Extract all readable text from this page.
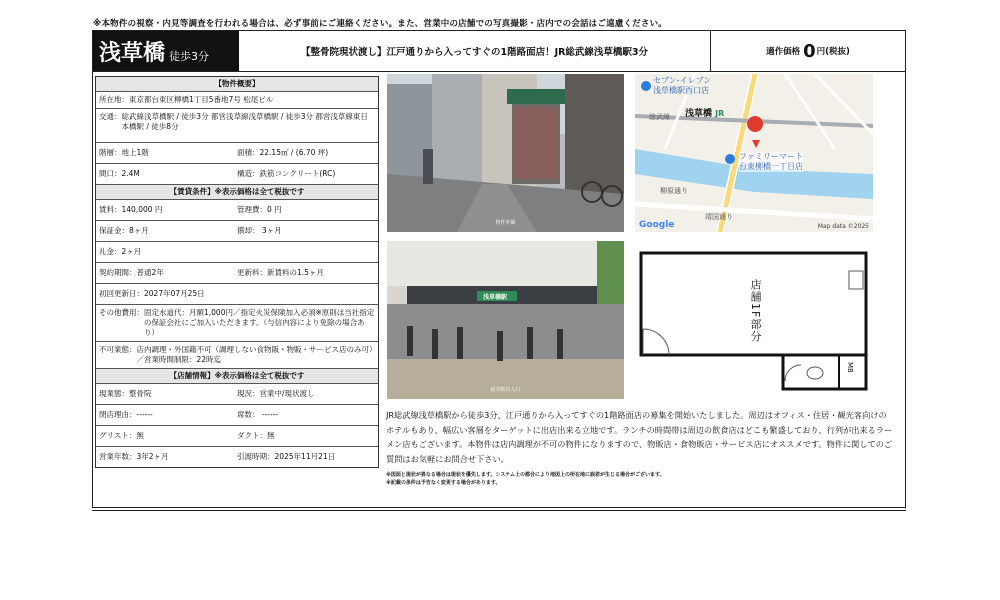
※本物件の視察・内見等調査を行われる場合は、必ず事前にご連絡ください。また、営業中の店舗での写真撮影・店内での会話はご遠慮ください。
浅草橋 徒歩3分	【整骨院現状渡し】江戸通りから入ってすぐの1階路面店！JR総武線浅草橋駅3分	適作価格 0 円(税抜)
【物件概要】
所在地： 東京都台東区柳橋1丁目5番地7号 松尾ビル
交通： 総武線浅草橋駅 / 徒歩3分 都営浅草線浅草橋駅 / 徒歩3分 都営浅草線東日本橋駅 / 徒歩8分
階層：地上1階	面積：22.15㎡ / (6.70 坪)
間口：2.4M	構造：鉄筋コンクリート(RC)
【賃貸条件】※表示価格は全て税抜です
賃料：140,000 円	管理費：0 円
保証金：8ヶ月	償却： 3ヶ月
礼金：2ヶ月
契約期間：普通2年	更新料：新賃料の1.5ヶ月
初回更新日：2027年07月25日
その他費用： 固定水道代：月額1,000円／指定火災保険加入必須※原則は当社指定の保証会社にご加入いただきます。（与信内容により免除の場合あり）
不可業態： 店内調理・外国籍不可（調理しない食物販・物販・サービス店のみ可）／営業時間制限：22時迄
【店舗情報】※表示価格は全て税抜です
現業態：整骨院	現況：営業中/現状渡し
閉店理由：------	席数： ------
グリスト：無	ダクト：無
営業年数：3年2ヶ月	引渡時期：2025年11月21日
物件外観
セブン-イレブン
浅草橋駅西口店
浅草橋 JR
総武線
ファミリーマート
台東柳橋一丁目店
柳原通り
靖国通り
Google	Map data ©2025
浅草橋駅
最寄駅出入口
店舗1F部分
MB
JR総武線浅草橋駅から徒歩3分、江戸通りから入ってすぐの1階路面店の募集を開始いたしました。周辺はオフィス・住居・観光客向けのホテルもあり、幅広い客層をターゲットに出店出来る立地です。ランチの時間帯は周辺の飲食店はどこも繁盛しており、行列が出来るラーメン店もございます。本物件は店内調理が不可の物件になりますので、物販店・食物販店・サービス店にオススメです。物件に関してのご質問はお気軽にお問合せ下さい。
※図面と現状が異なる場合は現状を優先します。システム上の都合により地図上の所在地に誤差が生じる場合がございます。
※記載の条件は予告なく変更する場合があります。
